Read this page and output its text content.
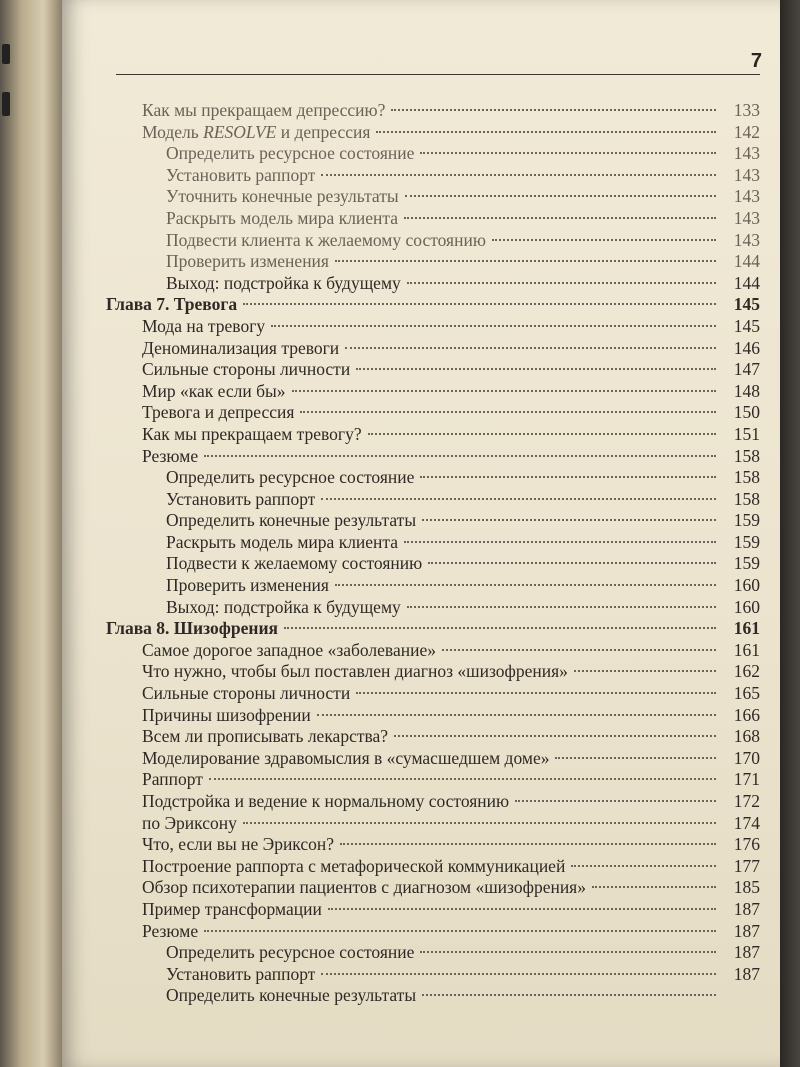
7
Как мы прекращаем депрессию?	133
Модель RESOLVE и депрессия	142
Определить ресурсное состояние	143
Установить раппорт	143
Уточнить конечные результаты	143
Раскрыть модель мира клиента	143
Подвести клиента к желаемому состоянию	143
Проверить изменения	144
Выход: подстройка к будущему	144
Глава 7. Тревога	145
Мода на тревогу	145
Деноминализация тревоги	146
Сильные стороны личности	147
Мир «как если бы»	148
Тревога и депрессия	150
Как мы прекращаем тревогу?	151
Резюме	158
Определить ресурсное состояние	158
Установить раппорт	158
Определить конечные результаты	159
Раскрыть модель мира клиента	159
Подвести к желаемому состоянию	159
Проверить изменения	160
Выход: подстройка к будущему	160
Глава 8. Шизофрения	161
Самое дорогое западное «заболевание»	161
Что нужно, чтобы был поставлен диагноз «шизофрения»	162
Сильные стороны личности	165
Причины шизофрении	166
Всем ли прописывать лекарства?	168
Моделирование здравомыслия в «сумасшедшем доме»	170
Раппорт	171
Подстройка и ведение к нормальному состоянию	172
по Эриксону	174
Что, если вы не Эриксон?	176
Построение раппорта с метафорической коммуникацией	177
Обзор психотерапии пациентов с диагнозом «шизофрения»	185
Пример трансформации	187
Резюме	187
Определить ресурсное состояние	187
Установить раппорт	187
Определить конечные результаты
